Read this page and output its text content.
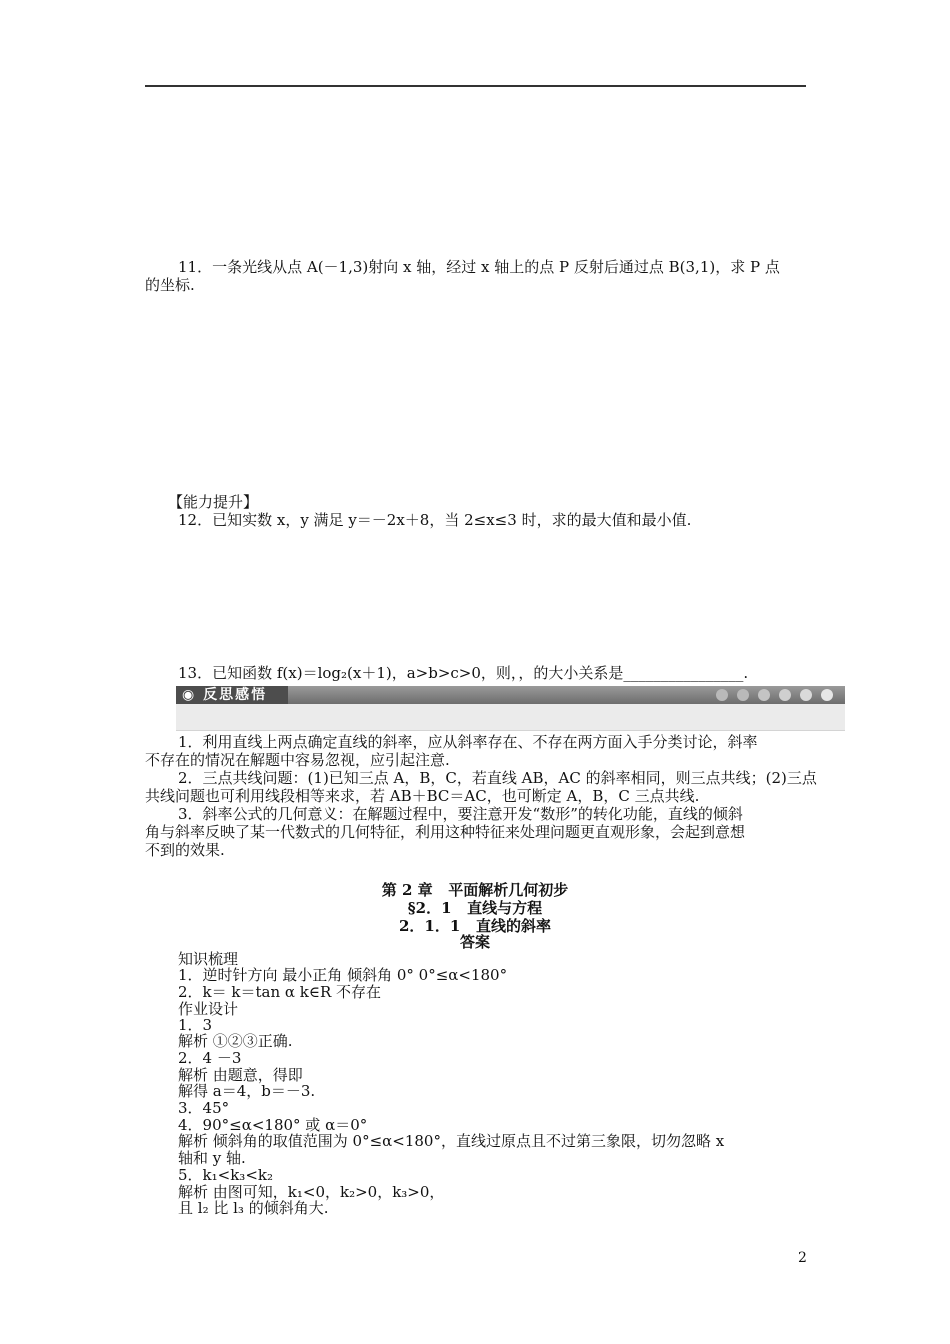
11．一条光线从点 A(－1,3)射向 x 轴，经过 x 轴上的点 P 反射后通过点 B(3,1)，求 P 点
的坐标.
【能力提升】
12．已知实数 x，y 满足 y＝－2x＋8，当 2≤x≤3 时，求的最大值和最小值.
13．已知函数 f(x)＝log₂(x＋1)，a>b>c>0，则，，的大小关系是________________.
◉ 反思感悟
1．利用直线上两点确定直线的斜率，应从斜率存在、不存在两方面入手分类讨论，斜率
不存在的情况在解题中容易忽视，应引起注意.
2．三点共线问题：(1)已知三点 A，B，C，若直线 AB，AC 的斜率相同，则三点共线；(2)三点
共线问题也可利用线段相等来求，若 AB＋BC＝AC，也可断定 A，B，C 三点共线.
3．斜率公式的几何意义：在解题过程中，要注意开发“数形”的转化功能，直线的倾斜
角与斜率反映了某一代数式的几何特征，利用这种特征来处理问题更直观形象，会起到意想
不到的效果.
第 2 章   平面解析几何初步
§2．1   直线与方程
2．1．1   直线的斜率
答案
知识梳理
1．逆时针方向 最小正角 倾斜角 0° 0°≤α<180°
2．k＝ k＝tan α k∈R 不存在
作业设计
1．3
解析 ①②③正确.
2．4 －3
解析 由题意，得即
解得 a＝4，b＝－3.
3．45°
4．90°≤α<180° 或 α＝0°
解析 倾斜角的取值范围为 0°≤α<180°，直线过原点且不过第三象限，切勿忽略 x
轴和 y 轴.
5．k₁<k₃<k₂
解析 由图可知，k₁<0，k₂>0，k₃>0，
且 l₂ 比 l₃ 的倾斜角大.
2
